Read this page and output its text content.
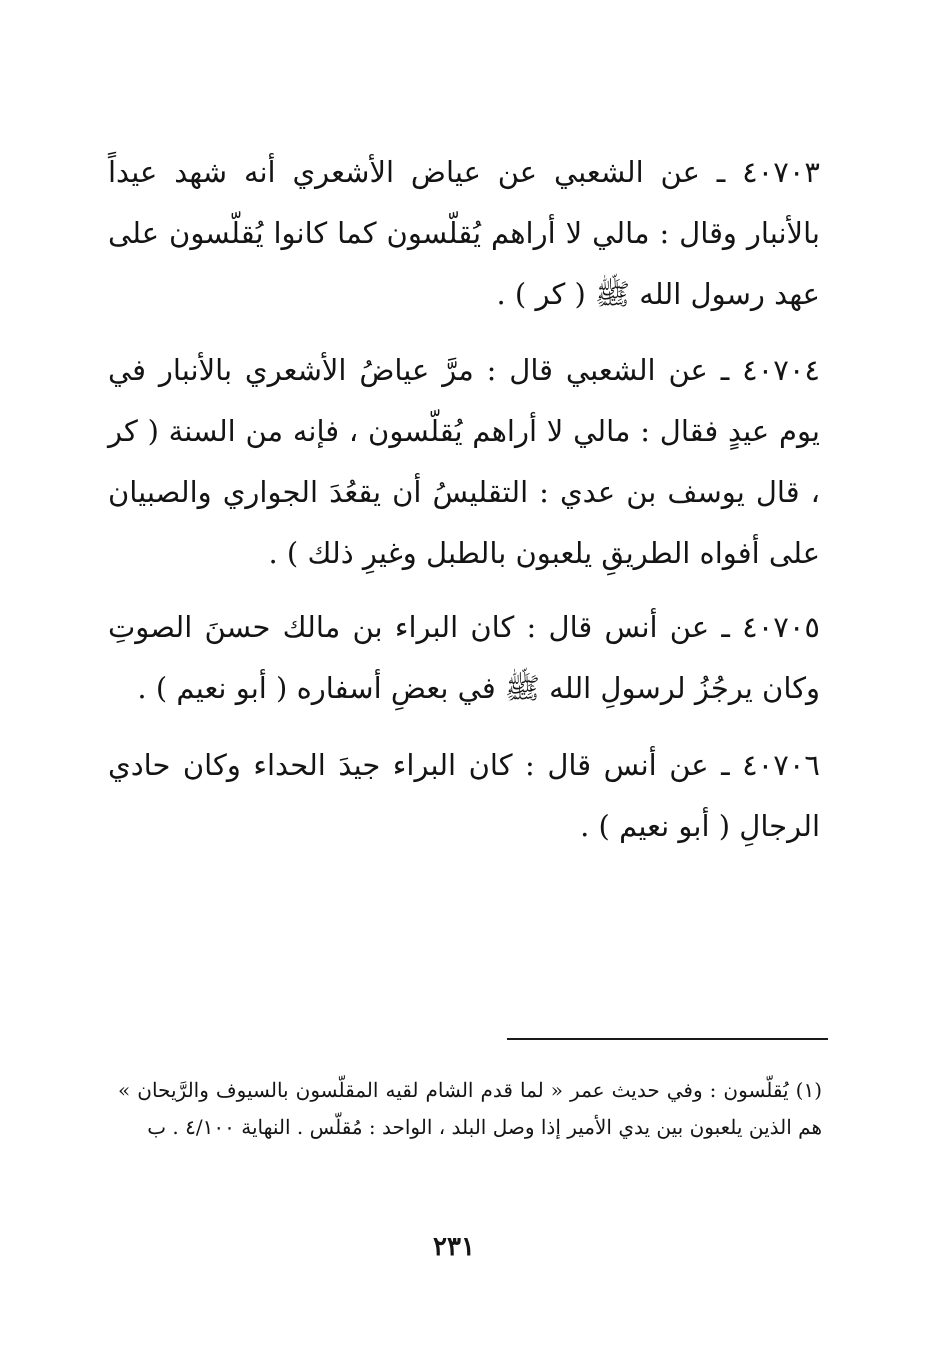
٤٠٧٠٣ ـ عن الشعبي عن عياض الأشعري أنه شهد عيداً بالأنبار وقال : مالي لا أراهم يُقلّسون كما كانوا يُقلّسون على عهد رسول الله ﷺ ( كر ) .

٤٠٧٠٤ ـ عن الشعبي قال : مرَّ عياضُ الأشعري بالأنبار في يوم عيدٍ فقال : مالي لا أراهم يُقلّسون ، فإنه من السنة ( كر ، قال يوسف بن عدي : التقليسُ أن يقعُدَ الجواري والصبيان على أفواه الطريقِ يلعبون بالطبل وغيرِ ذلك ) .

٤٠٧٠٥ ـ عن أنس قال : كان البراء بن مالك حسنَ الصوتِ وكان يرجُزُ لرسولِ الله ﷺ في بعضِ أسفاره ( أبو نعيم ) .

٤٠٧٠٦ ـ عن أنس قال : كان البراء جيدَ الحداء وكان حادي الرجالِ ( أبو نعيم ) .

(١) يُقلّسون : وفي حديث عمر « لما قدم الشام لقيه المقلّسون بالسيوف والرَّيحان » هم الذين يلعبون بين يدي الأمير إذا وصل البلد ، الواحد : مُقلّس . النهاية ٤/١٠٠ . ب

٢٣١
